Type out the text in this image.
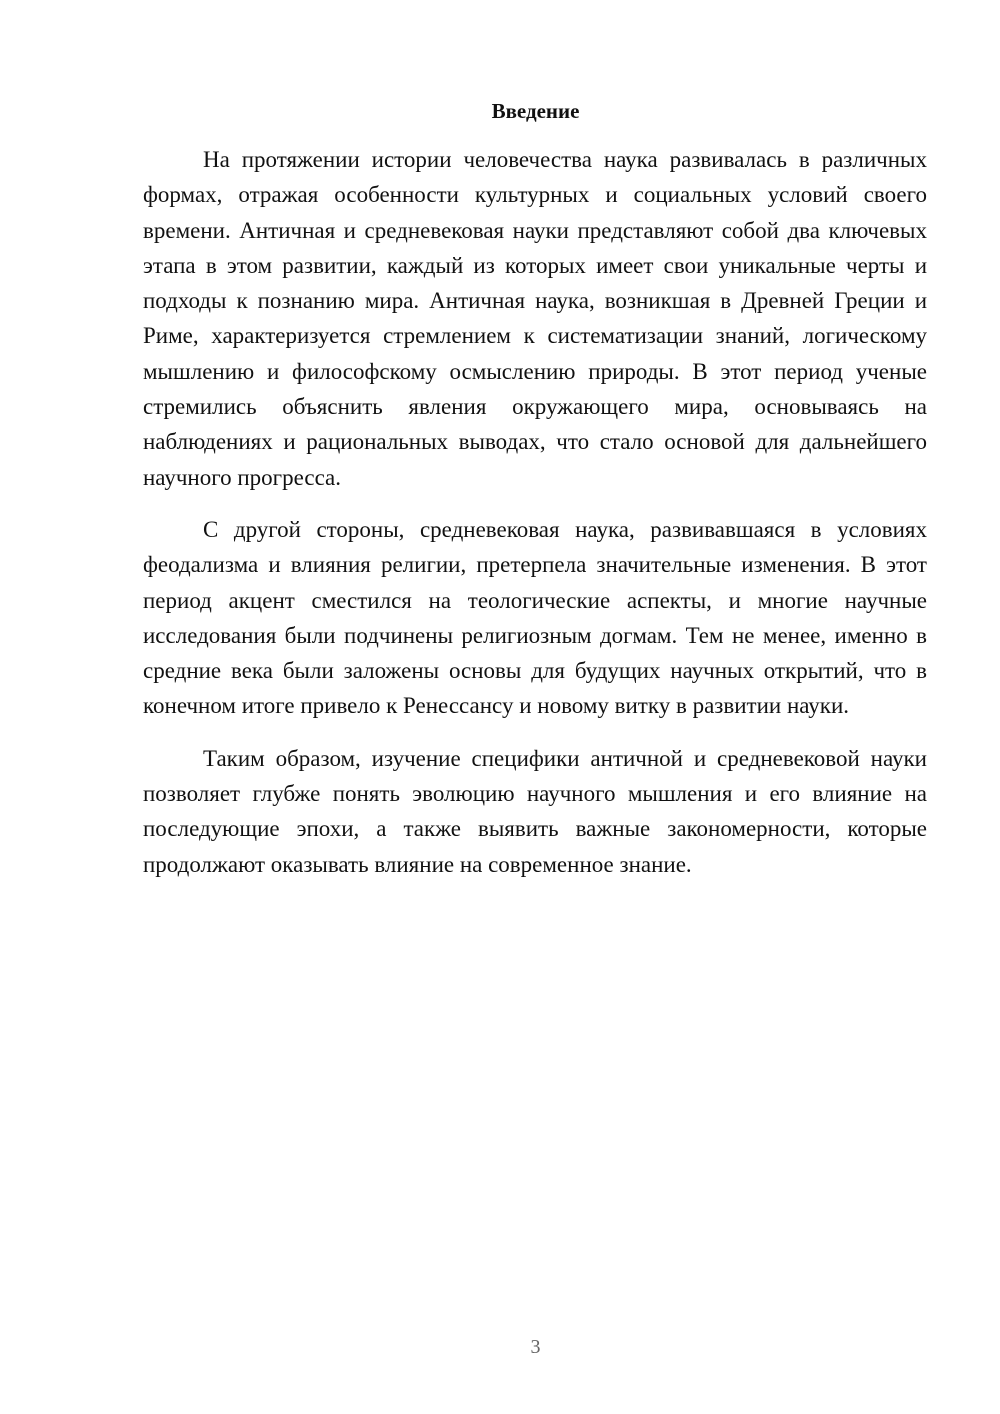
Введение

На протяжении истории человечества наука развивалась в различных формах, отражая особенности культурных и социальных условий своего времени. Античная и средневековая науки представляют собой два ключевых этапа в этом развитии, каждый из которых имеет свои уникальные черты и подходы к познанию мира. Античная наука, возникшая в Древней Греции и Риме, характеризуется стремлением к систематизации знаний, логическому мышлению и философскому осмыслению природы. В этот период ученые стремились объяснить явления окружающего мира, основываясь на наблюдениях и рациональных выводах, что стало основой для дальнейшего научного прогресса.

С другой стороны, средневековая наука, развивавшаяся в условиях феодализма и влияния религии, претерпела значительные изменения. В этот период акцент сместился на теологические аспекты, и многие научные исследования были подчинены религиозным догмам. Тем не менее, именно в средние века были заложены основы для будущих научных открытий, что в конечном итоге привело к Ренессансу и новому витку в развитии науки.

Таким образом, изучение специфики античной и средневековой науки позволяет глубже понять эволюцию научного мышления и его влияние на последующие эпохи, а также выявить важные закономерности, которые продолжают оказывать влияние на современное знание.

3
